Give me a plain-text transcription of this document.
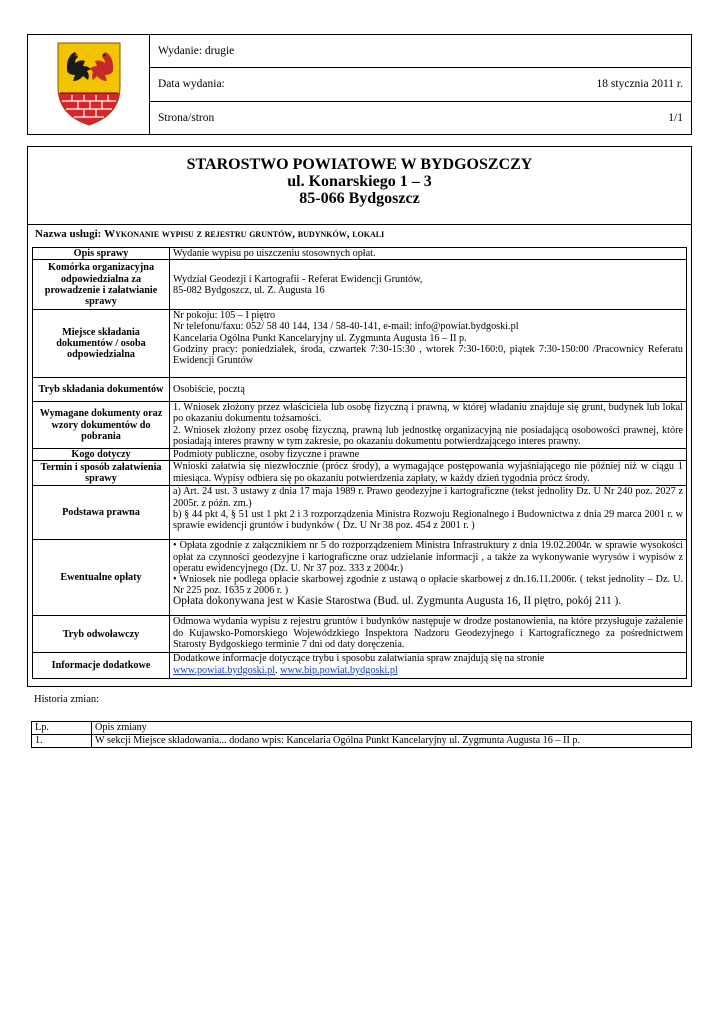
	Wydanie: drugie

Data wydania:	18 stycznia 2011 r.

Strona/stron	1/1
STAROSTWO POWIATOWE W BYDGOSZCZY
ul. Konarskiego 1 – 3
85-066 Bydgoszcz
Nazwa usługi: Wykonanie wypisu z rejestru gruntów, budynków, lokali
Opis sprawy	Wydanie wypisu po uiszczeniu stosownych opłat.
Komórka organizacyjna odpowiedzialna za prowadzenie i załatwianie sprawy	Wydział Geodezji i Kartografii - Referat Ewidencji Gruntów,
85-082 Bydgoszcz, ul. Z. Augusta 16

Miejsce składania dokumentów / osoba odpowiedzialna	Nr pokoju: 105 – I piętro
Nr telefonu/faxu: 052/ 58 40 144, 134 / 58-40-141, e-mail: info@powiat.bydgoski.pl
Kancelaria Ogólna Punkt Kancelaryjny ul. Zygmunta Augusta 16 – II p.
Godziny pracy: poniedziałek, środa, czwartek 7:30-15:30 , wtorek 7:30-160:0, piątek 7:30-150:00 /Pracownicy Referatu Ewidencji Gruntów

Tryb składania dokumentów	Osobiście, pocztą
Wymagane dokumenty oraz wzory dokumentów do pobrania	1. Wniosek złożony przez właściciela lub osobę fizyczną i prawną, w której władaniu znajduje się grunt, budynek lub lokal po okazaniu dokumentu tożsamości.
2. Wniosek złożony przez osobę fizyczną, prawną lub jednostkę organizacyjną nie posiadającą osobowości prawnej, które posiadają interes prawny w tym zakresie, po okazaniu dokumentu potwierdzającego interes prawny.

Kogo dotyczy	Podmioty publiczne, osoby fizyczne i prawne
Termin i sposób załatwienia sprawy	Wnioski załatwia się niezwłocznie (prócz środy), a wymagające postępowania wyjaśniającego nie później niż w ciągu 1 miesiąca. Wypisy odbiera się po okazaniu potwierdzenia zapłaty, w każdy dzień tygodnia prócz środy.
Podstawa prawna	a) Art. 24 ust. 3 ustawy z dnia 17 maja 1989 r. Prawo geodezyjne i kartograficzne (tekst jednolity Dz. U Nr 240 poz. 2027 z 2005r. z późn. zm.)
b) § 44 pkt 4, § 51 ust 1 pkt 2 i 3 rozporządzenia Ministra Rozwoju Regionalnego i Budownictwa z dnia 29 marca 2001 r. w sprawie ewidencji gruntów i budynków ( Dz. U Nr 38 poz. 454 z 2001 r. )

Ewentualne opłaty	• Opłata zgodnie z załącznikiem nr 5 do rozporządzeniem Ministra Infrastruktury z dnia 19.02.2004r. w sprawie wysokości opłat za czynności geodezyjne i kartograficzne oraz udzielanie informacji , a także za wykonywanie wyrysów i wypisów z operatu ewidencyjnego (Dz. U. Nr 37 poz. 333 z 2004r.)
• Wniosek nie podlega opłacie skarbowej zgodnie z ustawą o opłacie skarbowej z dn.16.11.2006r. ( tekst jednolity – Dz. U. Nr 225 poz. 1635 z 2006 r. )
Opłata dokonywana jest w Kasie Starostwa (Bud. ul. Zygmunta Augusta 16, II piętro, pokój 211 ).

Tryb odwoławczy	Odmowa wydania wypisu z rejestru gruntów i budynków następuje w drodze postanowienia, na które przysługuje zażalenie do Kujawsko-Pomorskiego Wojewódzkiego Inspektora Nadzoru Geodezyjnego i Kartograficznego za pośrednictwem Starosty Bydgoskiego terminie 7 dni od daty doręczenia.
Informacje dodatkowe	Dodatkowe informacje dotyczące trybu i sposobu załatwiania spraw znajdują się na stronie
www.powiat.bydgoski.pl. www.bip.powiat.bydgoski.pl
Historia zmian:
Lp.	Opis zmiany
1.	W sekcji Miejsce składowania... dodano wpis: Kancelaria Ogólna Punkt Kancelaryjny ul. Zygmunta Augusta 16 – II p.
